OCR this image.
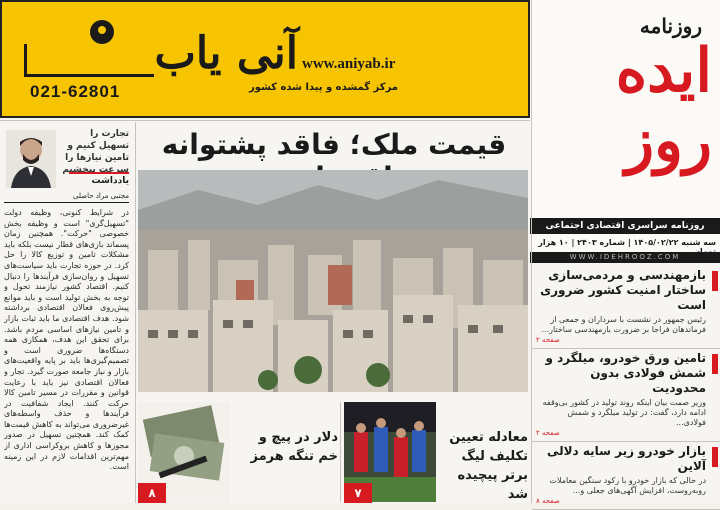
آنی یاب www.aniyab.ir
مرکز گمشده و پیدا شده کشور
021-62801
روزنامه
ایده روز
روزنامه سراسری اقتصادی اجتماعی
سه شنبه ۱۴۰۵/۰۲/۲۲ | شماره ۲۴۰۳ | ۱۰ هزار
WWW.IDEHROOZ.COM
بازمهندسی و مردمی‌سازی ساختار امنیت کشور ضروری است

رئیس جمهور در نشست با سرداران و جمعی از فرماندهان فراجا بر ضرورت بازمهندسی ساختار...

صفحه ۲
تامین ورق خودرو، میلگرد و شمش فولادی بدون محدودیت

وزیر صمت بیان اینکه روند تولید در کشور بی‌وقفه ادامه دارد، گفت: در تولید میلگرد و شمش فولادی...

صفحه ۲
بازار خودرو زیر سایه دلالی آلاین

در حالی که بازار خودرو با رکود سنگین معاملات روبه‌روست، افزایش آگهی‌های جعلی و...

صفحه ۸
قیمت ملک؛ فاقد پشتوانه
تجارت را تسهیل کنیم و تامین نیازها را سرعت ببخشیم
یادداشت
مجتبی مراد حاصلی
در شرایط کنونی، وظیفه دولت "تسهیل‌گری" است و وظیفه بخش خصوصی "حرکت". همچنین زمان پسماند بازی‌های قطار نیست بلکه باید مشکلات تامین و توزیع کالا را حل کرد. در حوزه تجارت باید سیاست‌های تسهیل و روان‌سازی فرآیندها را دنبال کنیم. اقتصاد کشور نیازمند تحول و توجه به بخش تولید است و باید موانع پیش‌روی فعالان اقتصادی برداشته شود. هدف اقتصادی ما باید ثبات بازار و تامین نیازهای اساسی مردم باشد. برای تحقق این هدف، همکاری همه دستگاه‌ها ضروری است و تصمیم‌گیری‌ها باید بر پایه واقعیت‌های بازار و نیاز جامعه صورت گیرد. تجار و فعالان اقتصادی نیز باید با رعایت قوانین و مقررات در مسیر تامین کالا حرکت کنند. ایجاد شفافیت در فرآیندها و حذف واسطه‌های غیرضروری می‌تواند به کاهش قیمت‌ها کمک کند. همچنین تسهیل در صدور مجوزها و کاهش بروکراسی اداری از مهم‌ترین اقدامات لازم در این زمینه است.
معادله تعیین تکلیف لیگ برتر پیچیده شد
۷
دلار در پیچ و خم تنگه هرمز
۸
